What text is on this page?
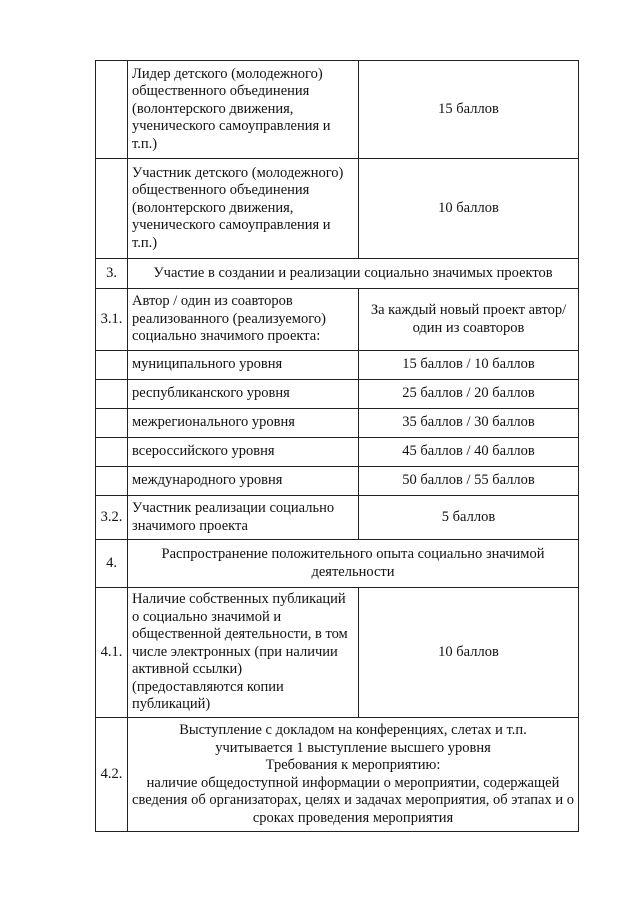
	Лидер детского (молодежного) общественного объединения (волонтерского движения, ученического самоуправления и т.п.)	15 баллов
	Участник детского (молодежного) общественного объединения (волонтерского движения, ученического самоуправления и т.п.)	10 баллов
3.	Участие в создании и реализации социально значимых проектов	
3.1.	Автор / один из соавторов реализованного (реализуемого) социально значимого проекта:	За каждый новый проект автор/один из соавторов
	муниципального уровня	15 баллов / 10 баллов
	республиканского уровня	25 баллов / 20 баллов
	межрегионального уровня	35 баллов / 30 баллов
	всероссийского уровня	45 баллов / 40 баллов
	международного уровня	50 баллов / 55 баллов
3.2.	Участник реализации социально значимого проекта	5 баллов
4.	Распространение положительного опыта социально значимой деятельности	
4.1.	Наличие собственных публикаций о социально значимой и общественной деятельности, в том числе электронных (при наличии активной ссылки) (предоставляются копии публикаций)	10 баллов
4.2.	Выступление с докладом на конференциях, слетах и т.п.
учитывается 1 выступление высшего уровня
Требования к мероприятию:
наличие общедоступной информации о мероприятии, содержащей сведения об организаторах, целях и задачах мероприятия, об этапах и о сроках проведения мероприятия	
